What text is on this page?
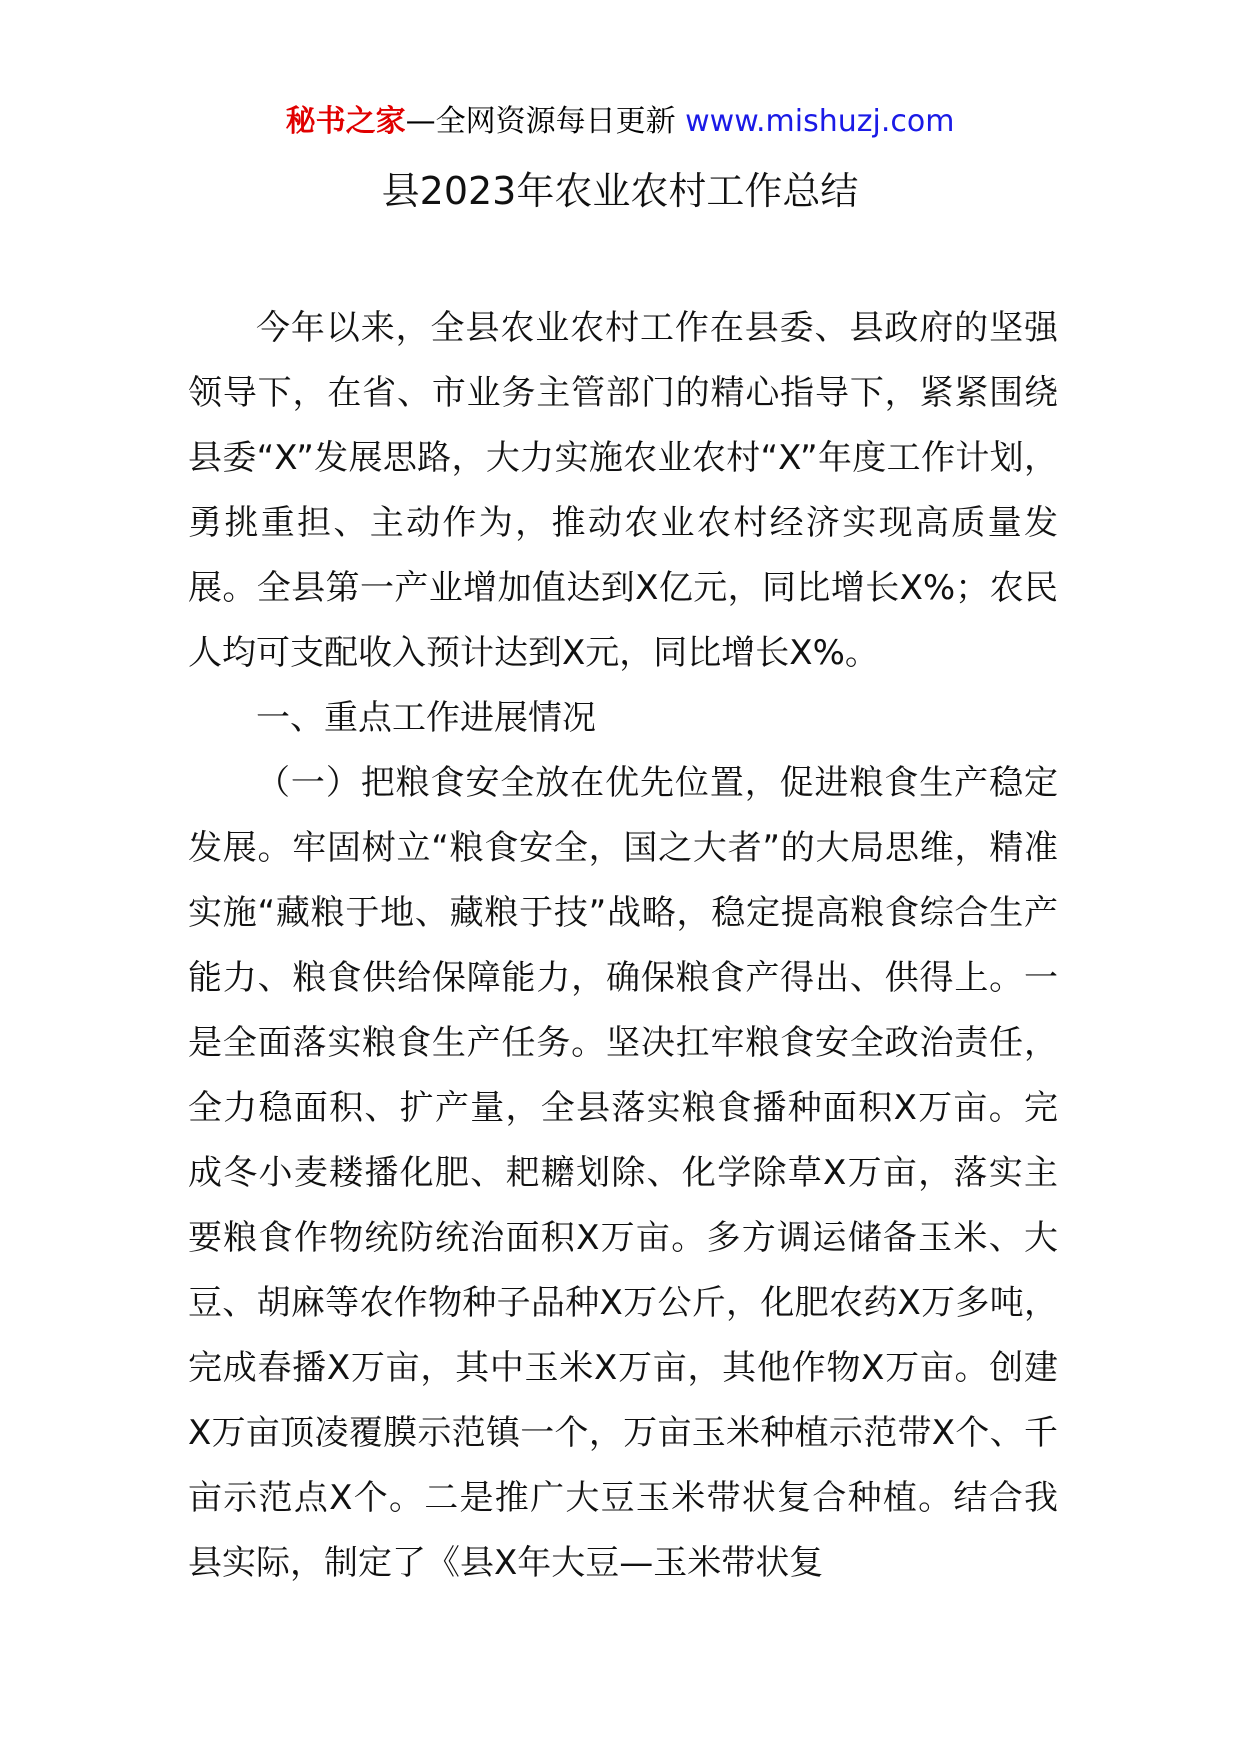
秘书之家—全网资源每日更新 www.mishuzj.com
县2023年农业农村工作总结

今年以来，全县农业农村工作在县委、县政府的坚强领导下，在省、市业务主管部门的精心指导下，紧紧围绕县委“X”发展思路，大力实施农业农村“X”年度工作计划，勇挑重担、主动作为，推动农业农村经济实现高质量发展。全县第一产业增加值达到X亿元，同比增长X%；农民人均可支配收入预计达到X元，同比增长X%。

一、重点工作进展情况

（一）把粮食安全放在优先位置，促进粮食生产稳定发展。牢固树立“粮食安全，国之大者”的大局思维，精准实施“藏粮于地、藏粮于技”战略，稳定提高粮食综合生产能力、粮食供给保障能力，确保粮食产得出、供得上。一是全面落实粮食生产任务。坚决扛牢粮食安全政治责任，全力稳面积、扩产量，全县落实粮食播种面积X万亩。完成冬小麦耧播化肥、耙耱划除、化学除草X万亩，落实主要粮食作物统防统治面积X万亩。多方调运储备玉米、大豆、胡麻等农作物种子品种X万公斤，化肥农药X万多吨，完成春播X万亩，其中玉米X万亩，其他作物X万亩。创建X万亩顶凌覆膜示范镇一个，万亩玉米种植示范带X个、千亩示范点X个。二是推广大豆玉米带状复合种植。结合我县实际，制定了《县X年大豆—玉米带状复
